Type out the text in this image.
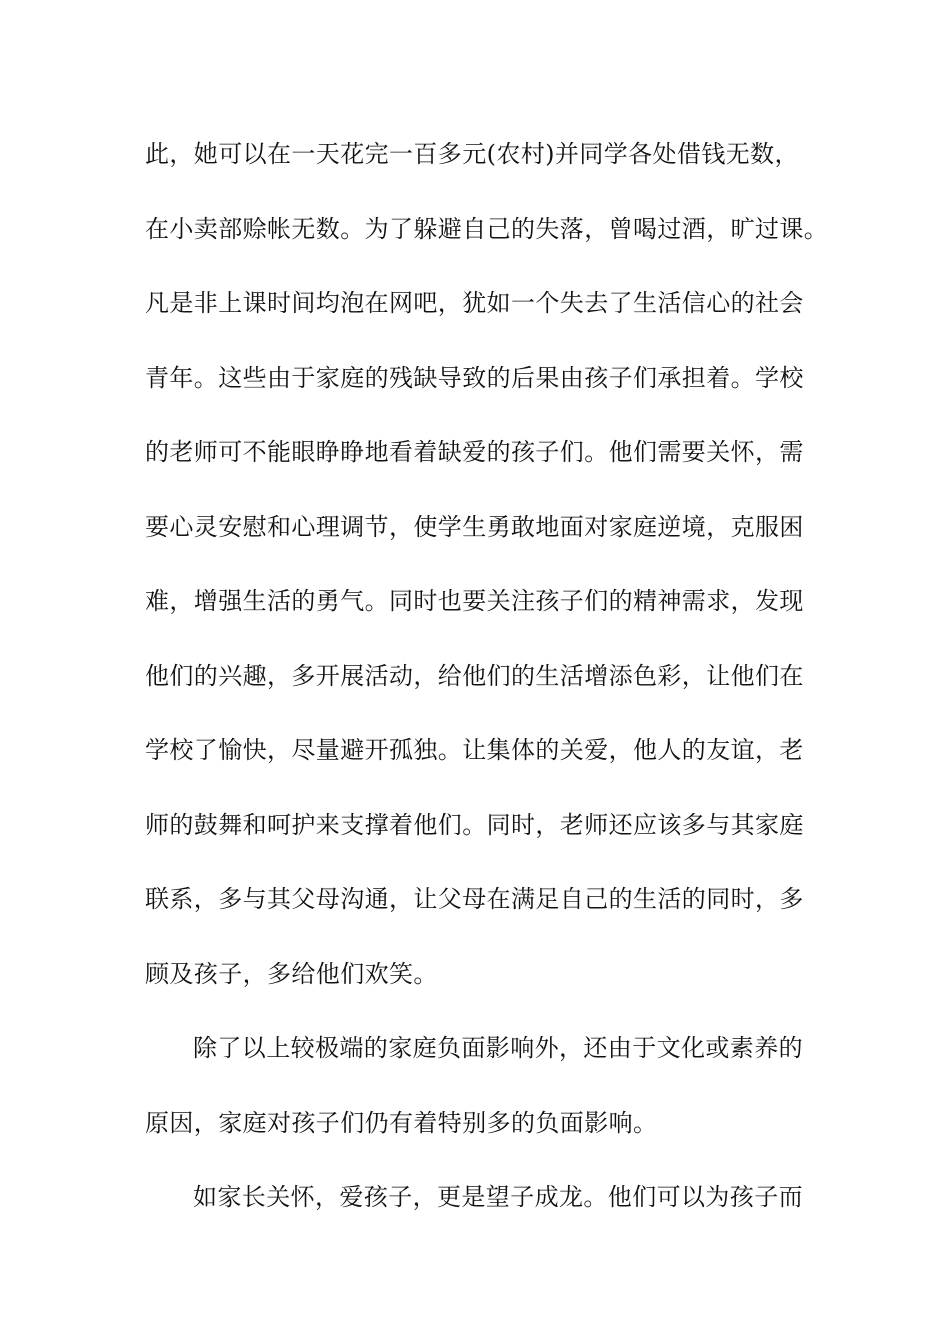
此，她可以在一天花完一百多元(农村)并同学各处借钱无数，
在小卖部赊帐无数。为了躲避自己的失落，曾喝过酒，旷过课。
凡是非上课时间均泡在网吧，犹如一个失去了生活信心的社会
青年。这些由于家庭的残缺导致的后果由孩子们承担着。学校
的老师可不能眼睁睁地看着缺爱的孩子们。他们需要关怀，需
要心灵安慰和心理调节，使学生勇敢地面对家庭逆境，克服困
难，增强生活的勇气。同时也要关注孩子们的精神需求，发现
他们的兴趣，多开展活动，给他们的生活增添色彩，让他们在
学校了愉快，尽量避开孤独。让集体的关爱，他人的友谊，老
师的鼓舞和呵护来支撑着他们。同时，老师还应该多与其家庭
联系，多与其父母沟通，让父母在满足自己的生活的同时，多
顾及孩子，多给他们欢笑。
除了以上较极端的家庭负面影响外，还由于文化或素养的
原因，家庭对孩子们仍有着特别多的负面影响。
如家长关怀，爱孩子，更是望子成龙。他们可以为孩子而
